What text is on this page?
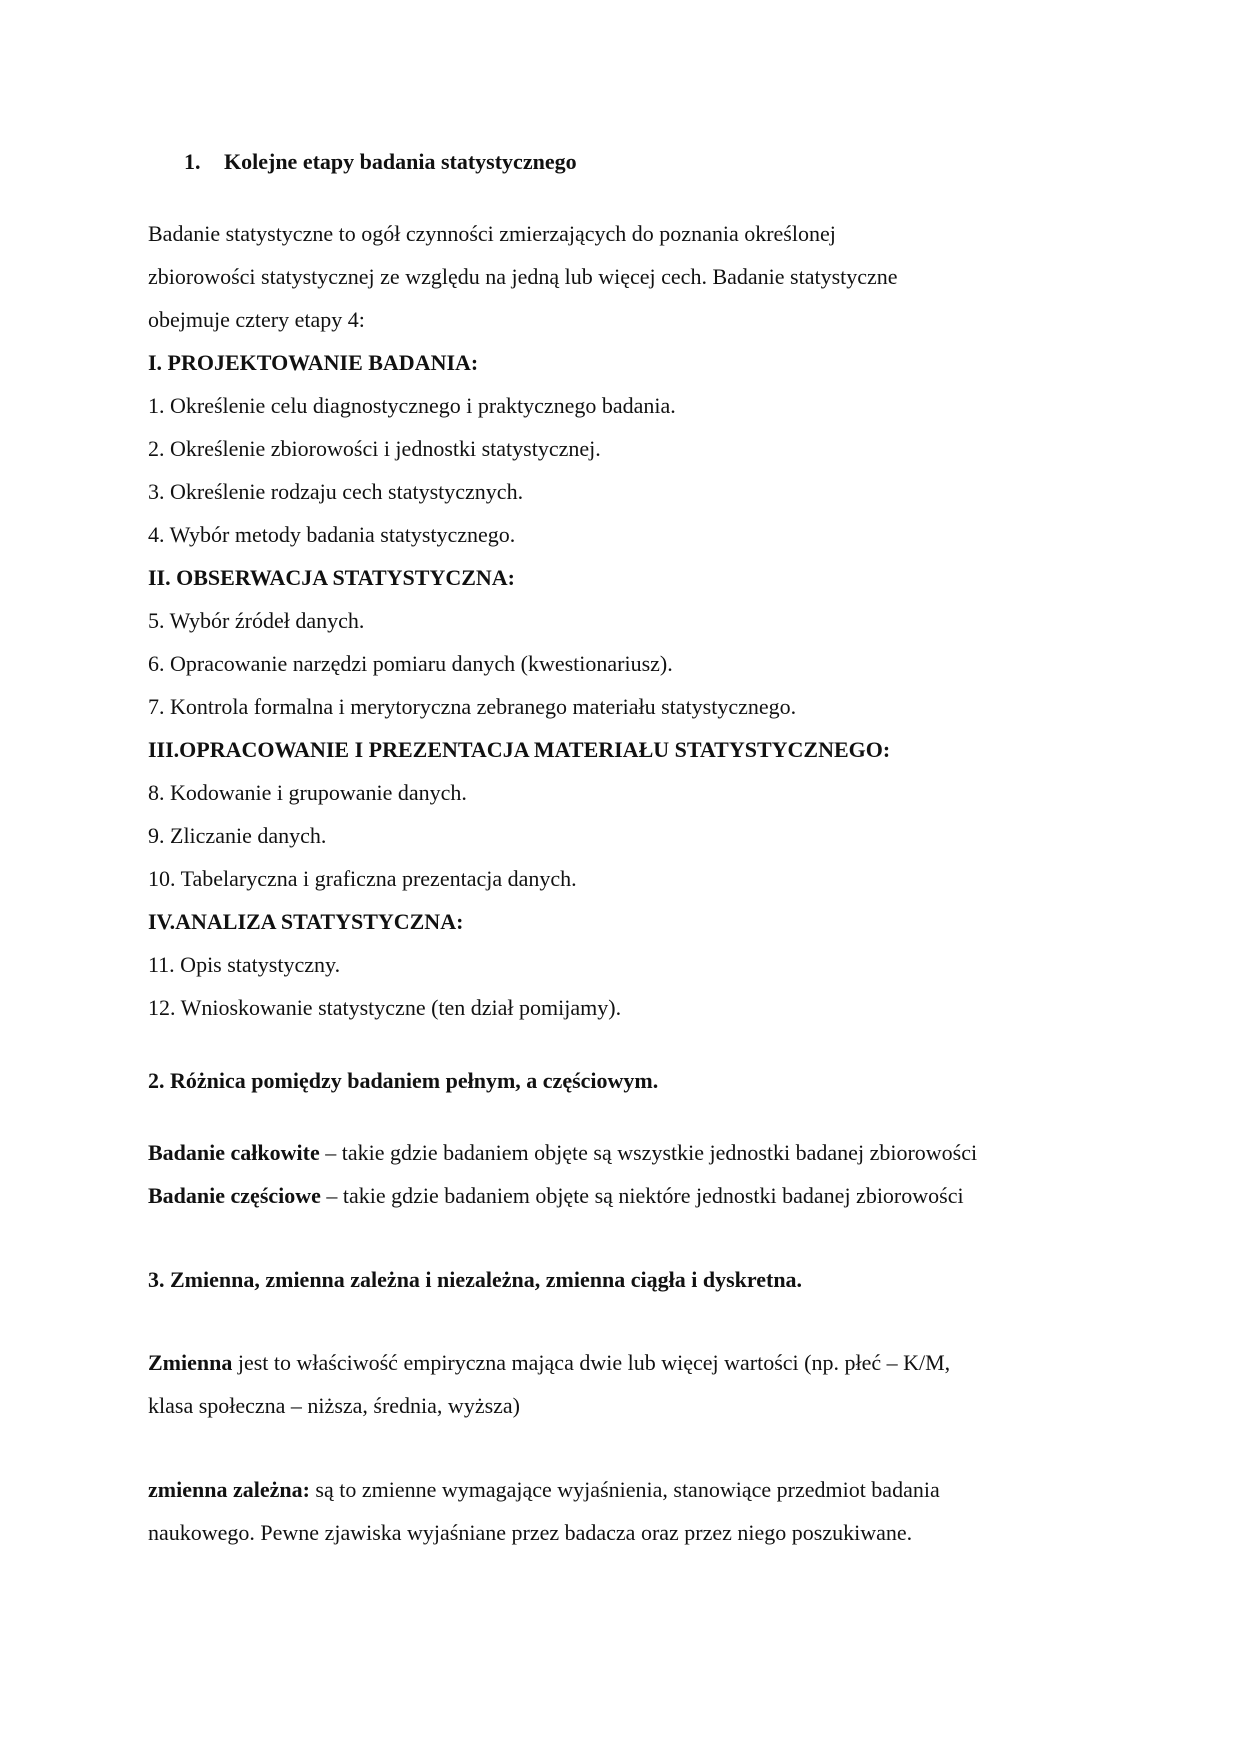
1. Kolejne etapy badania statystycznego
Badanie statystyczne to ogół czynności zmierzających do poznania określonej
zbiorowości statystycznej ze względu na jedną lub więcej cech. Badanie statystyczne
obejmuje cztery etapy 4:
I. PROJEKTOWANIE BADANIA:
1. Określenie celu diagnostycznego i praktycznego badania.
2. Określenie zbiorowości i jednostki statystycznej.
3. Określenie rodzaju cech statystycznych.
4. Wybór metody badania statystycznego.
II. OBSERWACJA STATYSTYCZNA:
5. Wybór źródeł danych.
6. Opracowanie narzędzi pomiaru danych (kwestionariusz).
7. Kontrola formalna i merytoryczna zebranego materiału statystycznego.
III.OPRACOWANIE I PREZENTACJA MATERIAŁU STATYSTYCZNEGO:
8. Kodowanie i grupowanie danych.
9. Zliczanie danych.
10. Tabelaryczna i graficzna prezentacja danych.
IV.ANALIZA STATYSTYCZNA:
11. Opis statystyczny.
12. Wnioskowanie statystyczne (ten dział pomijamy).
2. Różnica pomiędzy badaniem pełnym, a częściowym.
Badanie całkowite – takie gdzie badaniem objęte są wszystkie jednostki badanej zbiorowości
Badanie częściowe – takie gdzie badaniem objęte są niektóre jednostki badanej zbiorowości
3. Zmienna, zmienna zależna i niezależna, zmienna ciągła i dyskretna.
Zmienna jest to właściwość empiryczna mająca dwie lub więcej wartości (np. płeć – K/M,
klasa społeczna – niższa, średnia, wyższa)
zmienna zależna: są to zmienne wymagające wyjaśnienia, stanowiące przedmiot badania
naukowego. Pewne zjawiska wyjaśniane przez badacza oraz przez niego poszukiwane.
